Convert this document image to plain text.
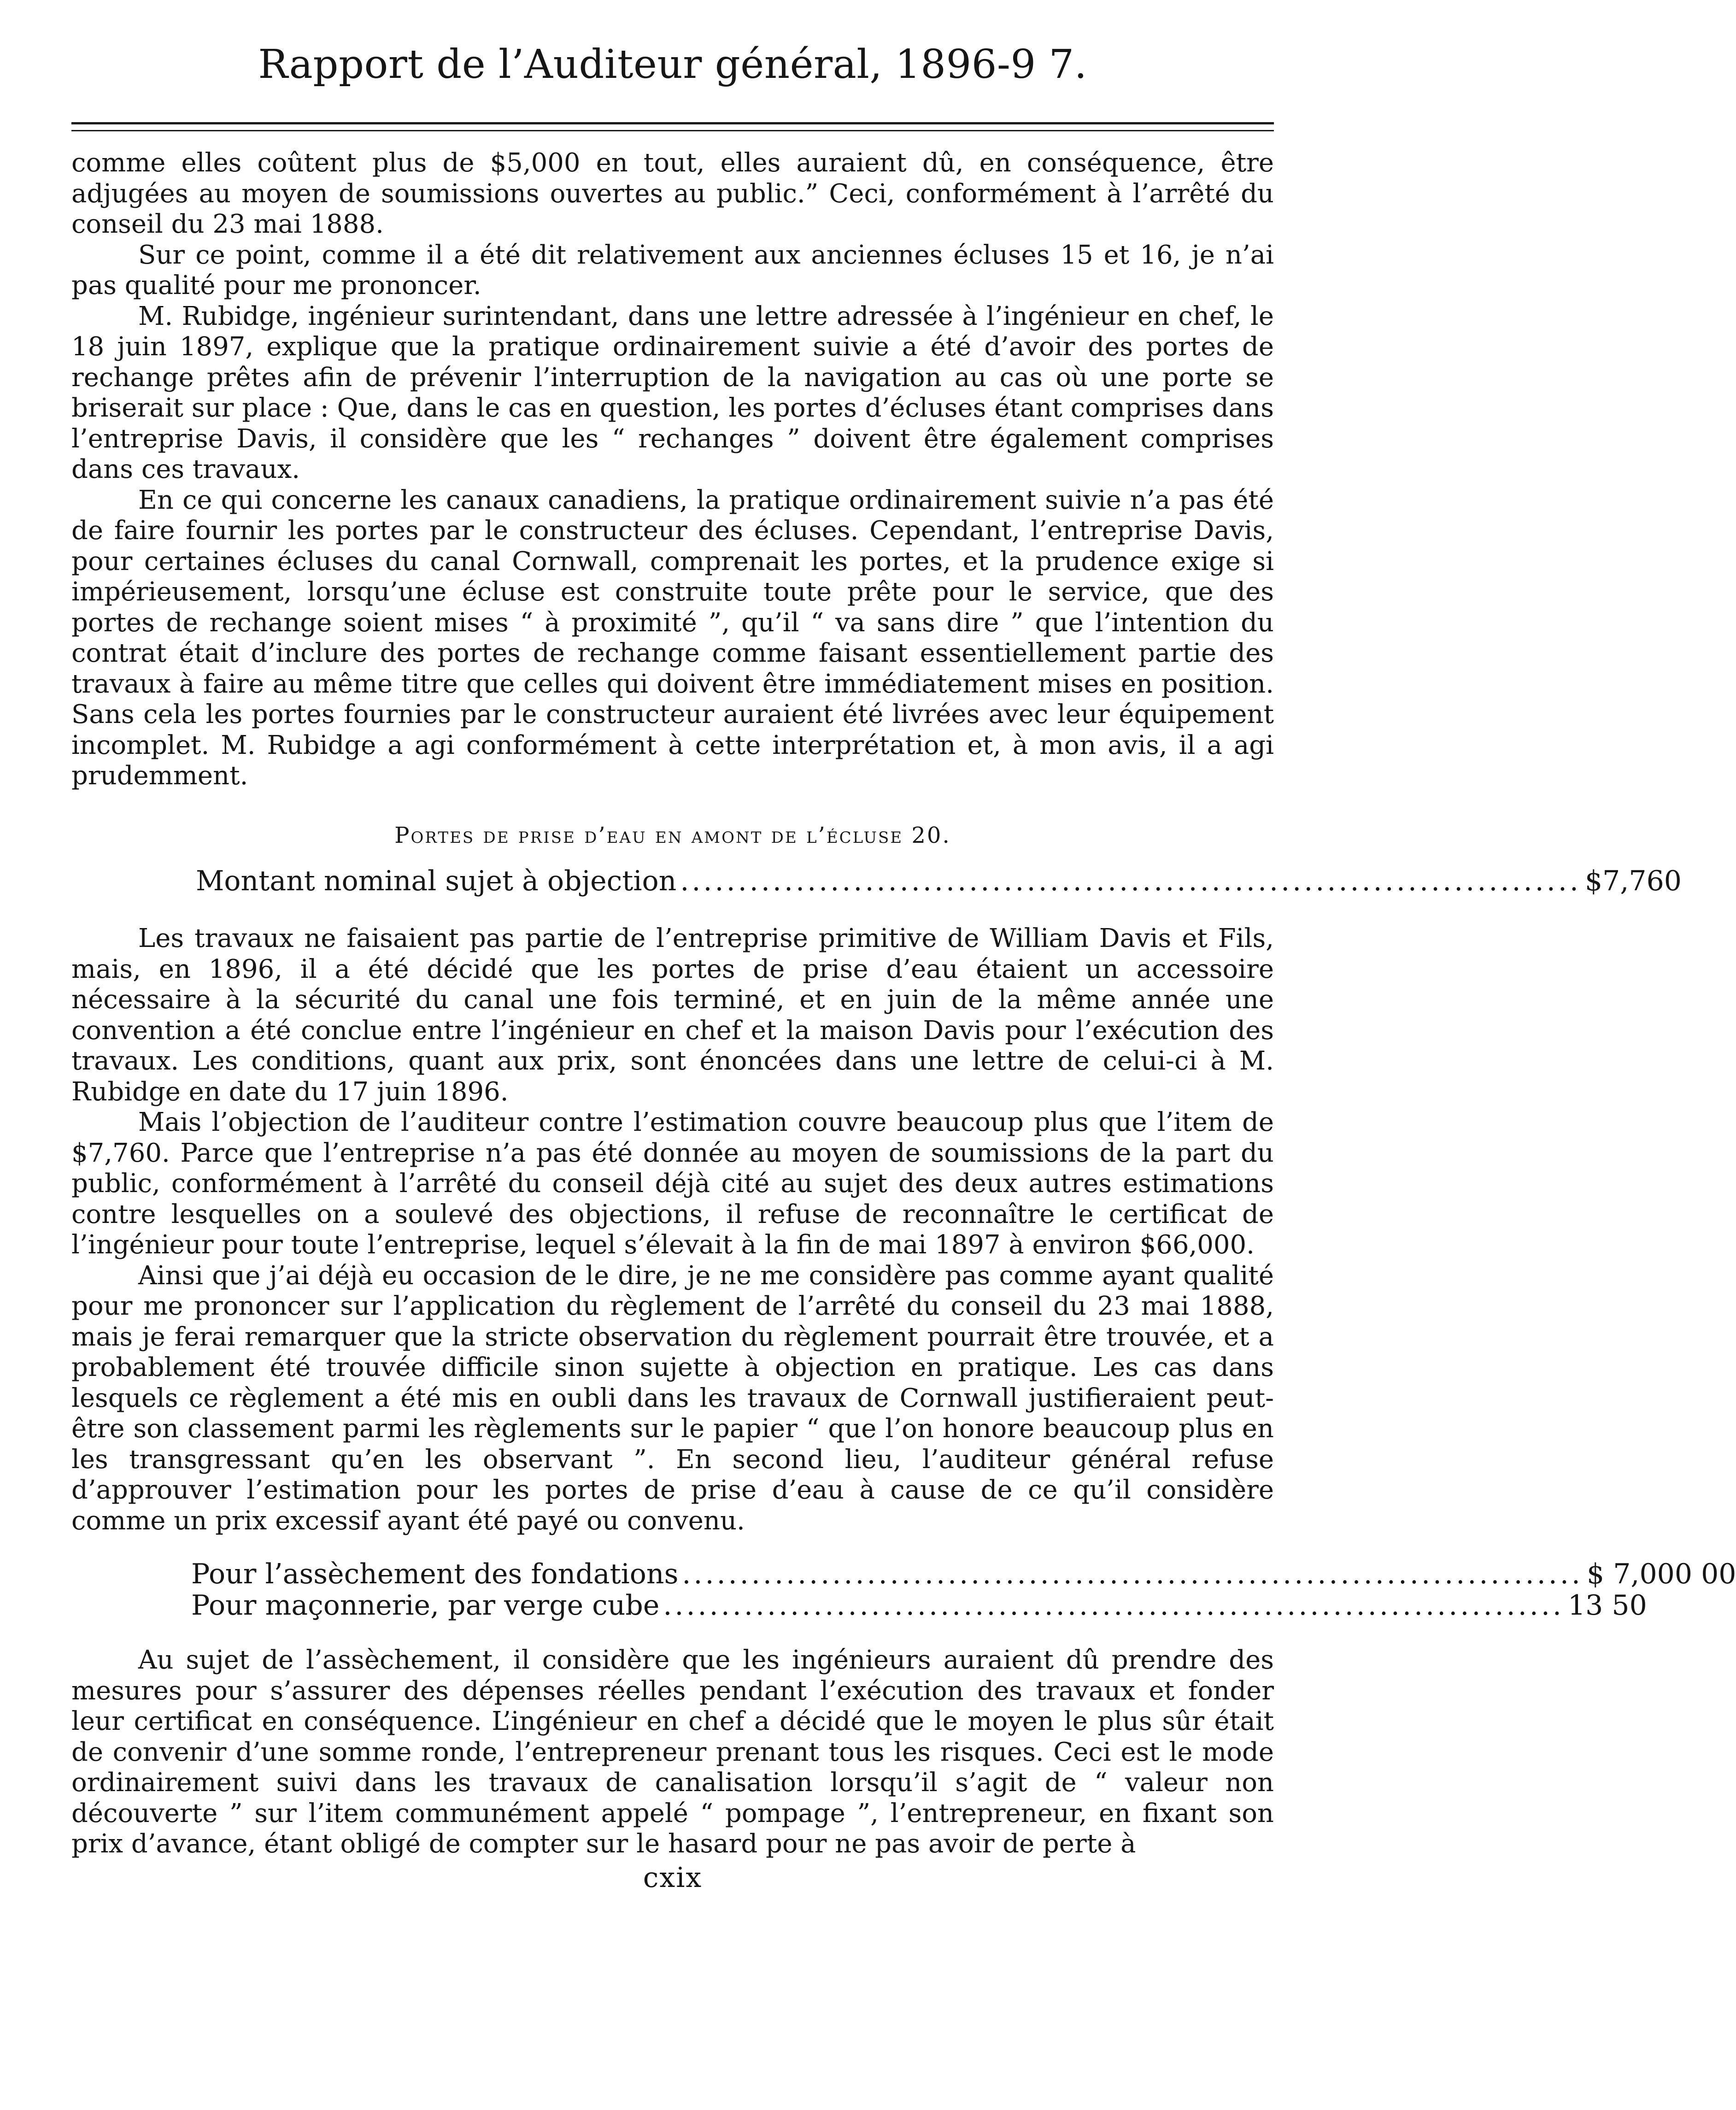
Rapport de l’Auditeur général, 1896-9 7.

comme elles coûtent plus de $5,000 en tout, elles auraient dû, en conséquence, être adjugées au moyen de soumissions ouvertes au public.” Ceci, conformément à l’arrêté du conseil du 23 mai 1888.

Sur ce point, comme il a été dit relativement aux anciennes écluses 15 et 16, je n’ai pas qualité pour me prononcer.

M. Rubidge, ingénieur surintendant, dans une lettre adressée à l’ingénieur en chef, le 18 juin 1897, explique que la pratique ordinairement suivie a été d’avoir des portes de rechange prêtes afin de prévenir l’interruption de la navigation au cas où une porte se briserait sur place : Que, dans le cas en question, les portes d’écluses étant comprises dans l’entreprise Davis, il considère que les “ rechanges ” doivent être également comprises dans ces travaux.

En ce qui concerne les canaux canadiens, la pratique ordinairement suivie n’a pas été de faire fournir les portes par le constructeur des écluses. Cependant, l’entreprise Davis, pour certaines écluses du canal Cornwall, comprenait les portes, et la prudence exige si impérieusement, lorsqu’une écluse est construite toute prête pour le service, que des portes de rechange soient mises “ à proximité ”, qu’il “ va sans dire ” que l’intention du contrat était d’inclure des portes de rechange comme faisant essentiellement partie des travaux à faire au même titre que celles qui doivent être immédiatement mises en position. Sans cela les portes fournies par le constructeur auraient été livrées avec leur équipement incomplet. M. Rubidge a agi conformément à cette interprétation et, à mon avis, il a agi prudemment.

Portes de prise d’eau en amont de l’écluse 20.
Montant nominal sujet à objection .............................................................................. $7,760

Les travaux ne faisaient pas partie de l’entreprise primitive de William Davis et Fils, mais, en 1896, il a été décidé que les portes de prise d’eau étaient un accessoire nécessaire à la sécurité du canal une fois terminé, et en juin de la même année une convention a été conclue entre l’ingénieur en chef et la maison Davis pour l’exécution des travaux. Les conditions, quant aux prix, sont énoncées dans une lettre de celui-ci à M. Rubidge en date du 17 juin 1896.

Mais l’objection de l’auditeur contre l’estimation couvre beaucoup plus que l’item de $7,760. Parce que l’entreprise n’a pas été donnée au moyen de soumissions de la part du public, conformément à l’arrêté du conseil déjà cité au sujet des deux autres estimations contre lesquelles on a soulevé des objections, il refuse de reconnaître le certificat de l’ingénieur pour toute l’entreprise, lequel s’élevait à la fin de mai 1897 à environ $66,000.

Ainsi que j’ai déjà eu occasion de le dire, je ne me considère pas comme ayant qualité pour me prononcer sur l’application du règlement de l’arrêté du conseil du 23 mai 1888, mais je ferai remarquer que la stricte observation du règlement pourrait être trouvée, et a probablement été trouvée difficile sinon sujette à objection en pratique. Les cas dans lesquels ce règlement a été mis en oubli dans les travaux de Cornwall justifieraient peut-être son classement parmi les règlements sur le papier “ que l’on honore beaucoup plus en les transgressant qu’en les observant ”. En second lieu, l’auditeur général refuse d’approuver l’estimation pour les portes de prise d’eau à cause de ce qu’il considère comme un prix excessif ayant été payé ou convenu.

Pour l’assèchement des fondations .............................................................................. $ 7,000 00
Pour maçonnerie, par verge cube .............................................................................. 13 50

Au sujet de l’assèchement, il considère que les ingénieurs auraient dû prendre des mesures pour s’assurer des dépenses réelles pendant l’exécution des travaux et fonder leur certificat en conséquence. L’ingénieur en chef a décidé que le moyen le plus sûr était de convenir d’une somme ronde, l’entrepreneur prenant tous les risques. Ceci est le mode ordinairement suivi dans les travaux de canalisation lorsqu’il s’agit de “ valeur non découverte ” sur l’item communément appelé “ pompage ”, l’entrepreneur, en fixant son prix d’avance, étant obligé de compter sur le hasard pour ne pas avoir de perte à

cxix
